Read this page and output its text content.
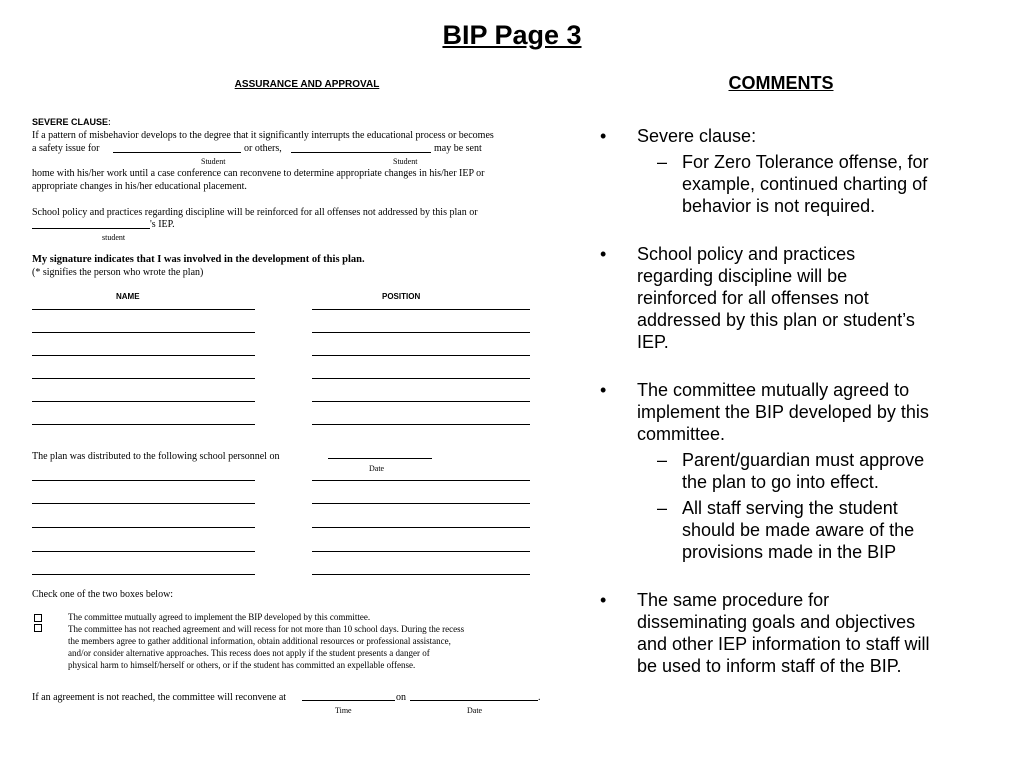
BIP Page 3
ASSURANCE AND APPROVAL
SEVERE CLAUSE:
If a pattern of misbehavior develops to the degree that it significantly interrupts the educational process or becomes
a safety issue for	or others,	may be sent
Student	Student
home with his/her work until a case conference can reconvene to determine appropriate changes in his/her IEP or
appropriate changes in his/her educational placement.
School policy and practices regarding discipline will be reinforced for all offenses not addressed by this plan or
's IEP.
student
My signature indicates that I was involved in the development of this plan.
(* signifies the person who wrote the plan)
NAME	POSITION
The plan was distributed to the following school personnel on
Date
Check one of the two boxes below:
The committee mutually agreed to implement the BIP developed by this committee.
The committee has not reached agreement and will recess for not more than 10 school days. During the recess
the members agree to gather additional information, obtain additional resources or professional assistance,
and/or consider alternative approaches. This recess does not apply if the student presents a danger of
physical harm to himself/herself or others, or if the student has committed an expellable offense.
If an agreement is not reached, the committee will reconvene at	on	.
Time	Date
COMMENTS
• Severe clause:
– For Zero Tolerance offense, for
example, continued charting of
behavior is not required.
• School policy and practices
regarding discipline will be
reinforced for all offenses not
addressed by this plan or student’s
IEP.
• The committee mutually agreed to
implement the BIP developed by this
committee.
– Parent/guardian must approve
the plan to go into effect.
– All staff serving the student
should be made aware of the
provisions made in the BIP
• The same procedure for
disseminating goals and objectives
and other IEP information to staff will
be used to inform staff of the BIP.
